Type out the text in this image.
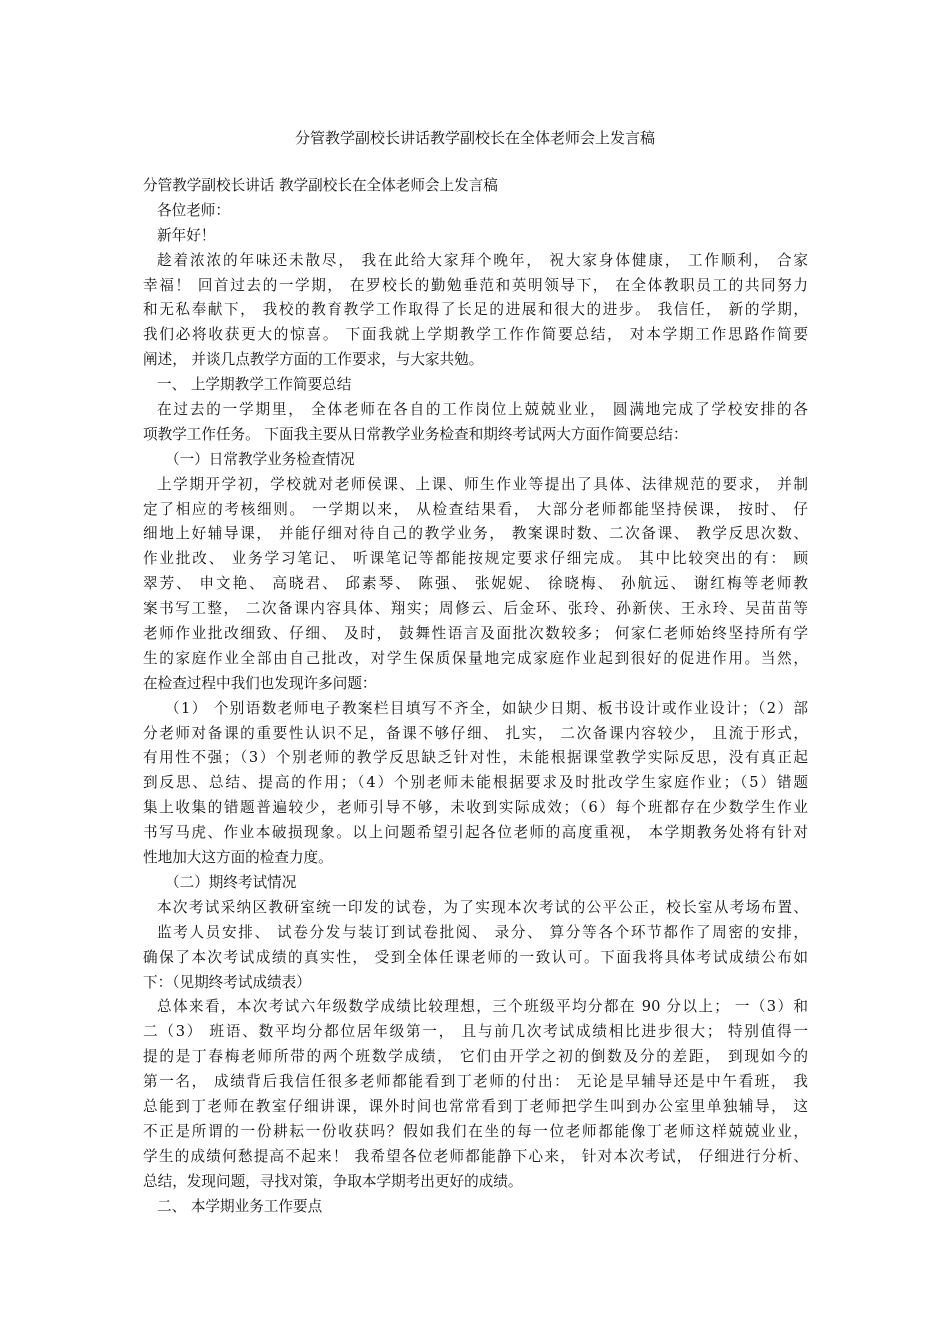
分管教学副校长讲话教学副校长在全体老师会上发言稿
分管教学副校长讲话 教学副校长在全体老师会上发言稿
各位老师：
新年好！
趁着浓浓的年味还未散尽， 我在此给大家拜个晚年， 祝大家身体健康， 工作顺利， 合家
幸福！ 回首过去的一学期， 在罗校长的勤勉垂范和英明领导下， 在全体教职员工的共同努力
和无私奉献下， 我校的教育教学工作取得了长足的进展和很大的进步。 我信任， 新的学期，
我们必将收获更大的惊喜。 下面我就上学期教学工作作简要总结， 对本学期工作思路作简要
阐述， 并谈几点教学方面的工作要求，与大家共勉。
一、 上学期教学工作简要总结
在过去的一学期里， 全体老师在各自的工作岗位上兢兢业业， 圆满地完成了学校安排的各
项教学工作任务。 下面我主要从日常教学业务检查和期终考试两大方面作简要总结：
（一）日常教学业务检查情况
上学期开学初，学校就对老师侯课、上课、师生作业等提出了具体、法律规范的要求， 并制
定了相应的考核细则。 一学期以来， 从检查结果看， 大部分老师都能坚持侯课， 按时、 仔
细地上好辅导课， 并能仔细对待自己的教学业务， 教案课时数、二次备课、 教学反思次数、
作业批改、 业务学习笔记、 听课笔记等都能按规定要求仔细完成。 其中比较突出的有： 顾
翠芳、 申文艳、 高晓君、 邱素琴、 陈强、 张妮妮、 徐晓梅、 孙航远、 谢红梅等老师教
案书写工整， 二次备课内容具体、翔实；周修云、后金环、张玲、孙新侠、王永玲、吴苗苗等
老师作业批改细致、仔细、 及时， 鼓舞性语言及面批次数较多； 何家仁老师始终坚持所有学
生的家庭作业全部由自己批改，对学生保质保量地完成家庭作业起到很好的促进作用。当然，
在检查过程中我们也发现许多问题：
（1） 个别语数老师电子教案栏目填写不齐全，如缺少日期、板书设计或作业设计；（2）部
分老师对备课的重要性认识不足，备课不够仔细、 扎实， 二次备课内容较少， 且流于形式，
有用性不强；（3）个别老师的教学反思缺乏针对性，未能根据课堂教学实际反思，没有真正起
到反思、总结、提高的作用；（4）个别老师未能根据要求及时批改学生家庭作业；（5）错题
集上收集的错题普遍较少，老师引导不够，未收到实际成效；（6）每个班都存在少数学生作业
书写马虎、作业本破损现象。以上问题希望引起各位老师的高度重视， 本学期教务处将有针对
性地加大这方面的检查力度。
（二）期终考试情况
本次考试采纳区教研室统一印发的试卷，为了实现本次考试的公平公正，校长室从考场布置、
监考人员安排、 试卷分发与装订到试卷批阅、 录分、 算分等各个环节都作了周密的安排，
确保了本次考试成绩的真实性， 受到全体任课老师的一致认可。下面我将具体考试成绩公布如
下：（见期终考试成绩表）
总体来看，本次考试六年级数学成绩比较理想，三个班级平均分都在 90 分以上； 一（3）和
二（3） 班语、数平均分都位居年级第一， 且与前几次考试成绩相比进步很大； 特别值得一
提的是丁春梅老师所带的两个班数学成绩， 它们由开学之初的倒数及分的差距， 到现如今的
第一名， 成绩背后我信任很多老师都能看到丁老师的付出： 无论是早辅导还是中午看班， 我
总能到丁老师在教室仔细讲课，课外时间也常常看到丁老师把学生叫到办公室里单独辅导， 这
不正是所谓的一份耕耘一份收获吗？假如我们在坐的每一位老师都能像丁老师这样兢兢业业，
学生的成绩何愁提高不起来！ 我希望各位老师都能静下心来， 针对本次考试， 仔细进行分析、
总结，发现问题，寻找对策，争取本学期考出更好的成绩。
二、 本学期业务工作要点
